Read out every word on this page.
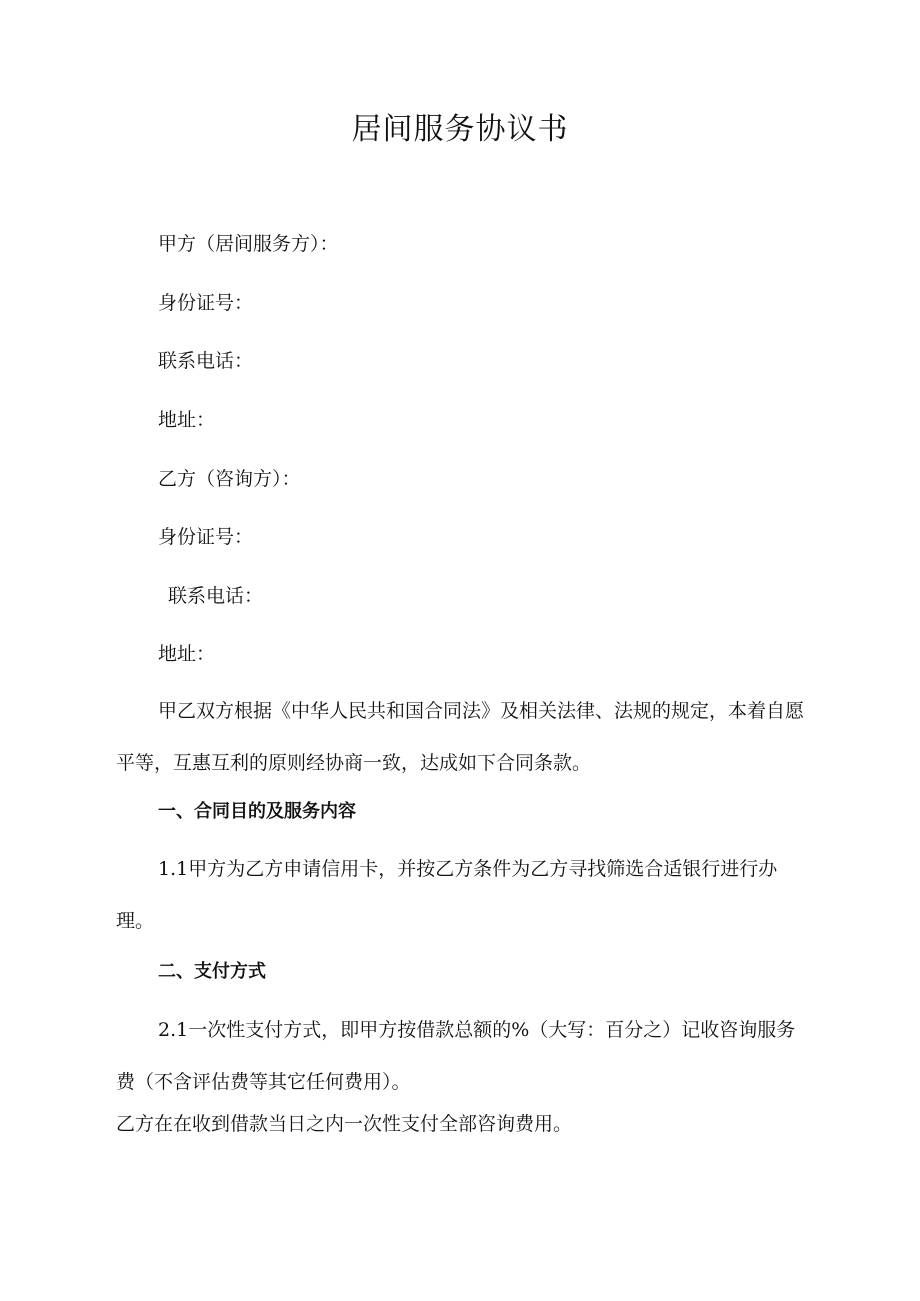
居间服务协议书

甲方（居间服务方）：

身份证号：

联系电话：

地址：

乙方（咨询方）：

身份证号：

联系电话：

地址：

甲乙双方根据《中华人民共和国合同法》及相关法律、法规的规定，本着自愿平等，互惠互利的原则经协商一致，达成如下合同条款。

一、合同目的及服务内容

1.1甲方为乙方申请信用卡，并按乙方条件为乙方寻找筛选合适银行进行办理。

二、支付方式

2.1一次性支付方式，即甲方按借款总额的%（大写：百分之）记收咨询服务费（不含评估费等其它任何费用）。

乙方在在收到借款当日之内一次性支付全部咨询费用。
